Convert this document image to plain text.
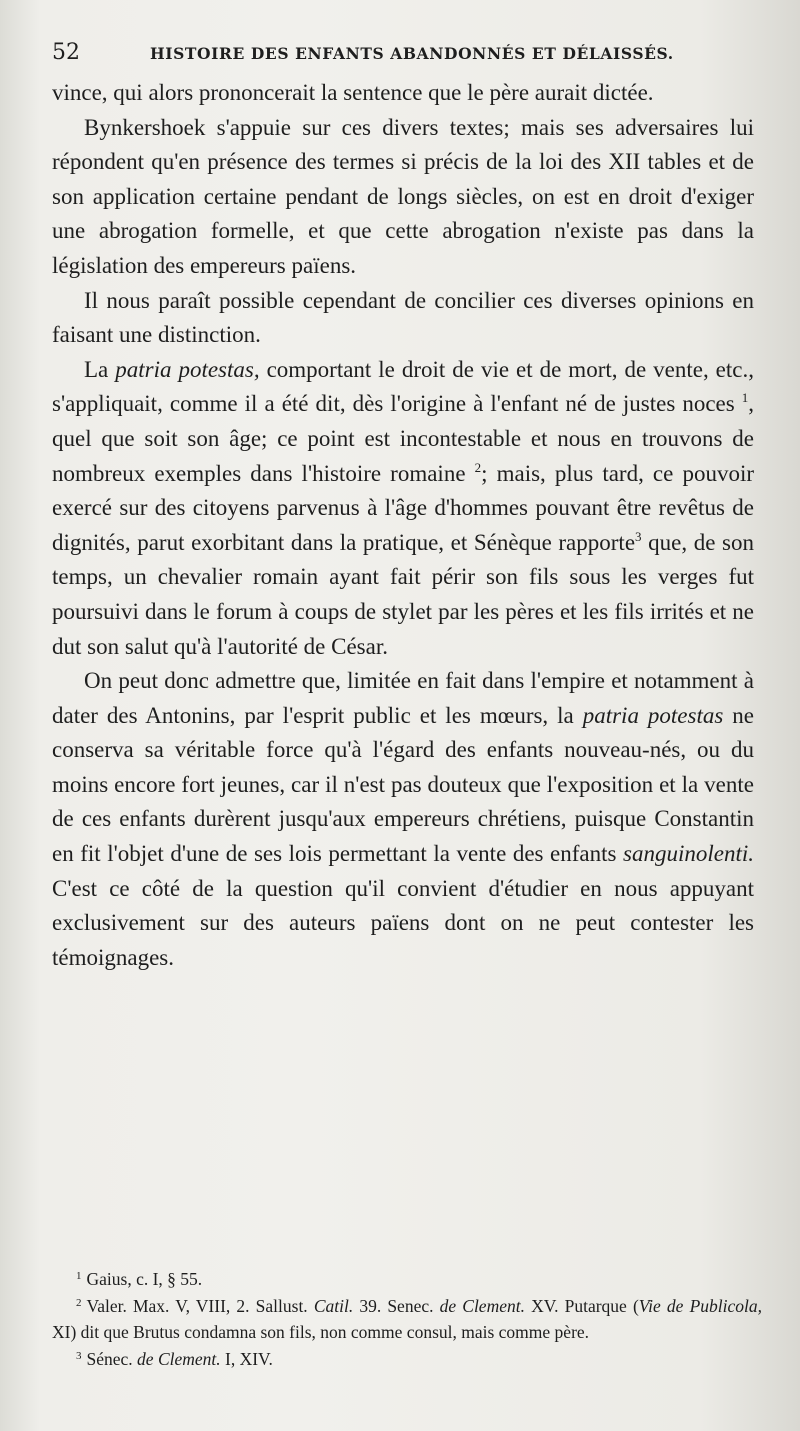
52	HISTOIRE DES ENFANTS ABANDONNÉS ET DÉLAISSÉS.

vince, qui alors prononcerait la sentence que le père aurait dictée.

Bynkershoek s'appuie sur ces divers textes; mais ses adversaires lui répondent qu'en présence des termes si précis de la loi des XII tables et de son application certaine pendant de longs siècles, on est en droit d'exiger une abrogation formelle, et que cette abrogation n'existe pas dans la législation des empereurs païens.

Il nous paraît possible cependant de concilier ces diverses opinions en faisant une distinction.

La patria potestas, comportant le droit de vie et de mort, de vente, etc., s'appliquait, comme il a été dit, dès l'origine à l'enfant né de justes noces $^1$, quel que soit son âge; ce point est incontestable et nous en trouvons de nombreux exemples dans l'histoire romaine $^2$; mais, plus tard, ce pouvoir exercé sur des citoyens parvenus à l'âge d'hommes pouvant être revêtus de dignités, parut exorbitant dans la pratique, et Sénèque rapporte$^3$ que, de son temps, un chevalier romain ayant fait périr son fils sous les verges fut poursuivi dans le forum à coups de stylet par les pères et les fils irrités et ne dut son salut qu'à l'autorité de César.

On peut donc admettre que, limitée en fait dans l'empire et notamment à dater des Antonins, par l'esprit public et les mœurs, la patria potestas ne conserva sa véritable force qu'à l'égard des enfants nouveau-nés, ou du moins encore fort jeunes, car il n'est pas douteux que l'exposition et la vente de ces enfants durèrent jusqu'aux empereurs chrétiens, puisque Constantin en fit l'objet d'une de ses lois permettant la vente des enfants sanguinolenti. C'est ce côté de la question qu'il convient d'étudier en nous appuyant exclusivement sur des auteurs païens dont on ne peut contester les témoignages.

$^1$ Gaius, c. I, § 55.

$^2$ Valer. Max. V, VIII, 2. Sallust. Catil. 39. Senec. de Clement. XV. Putarque (Vie de Publicola, XI) dit que Brutus condamna son fils, non comme consul, mais comme père.

$^3$ Sénec. de Clement. I, XIV.
